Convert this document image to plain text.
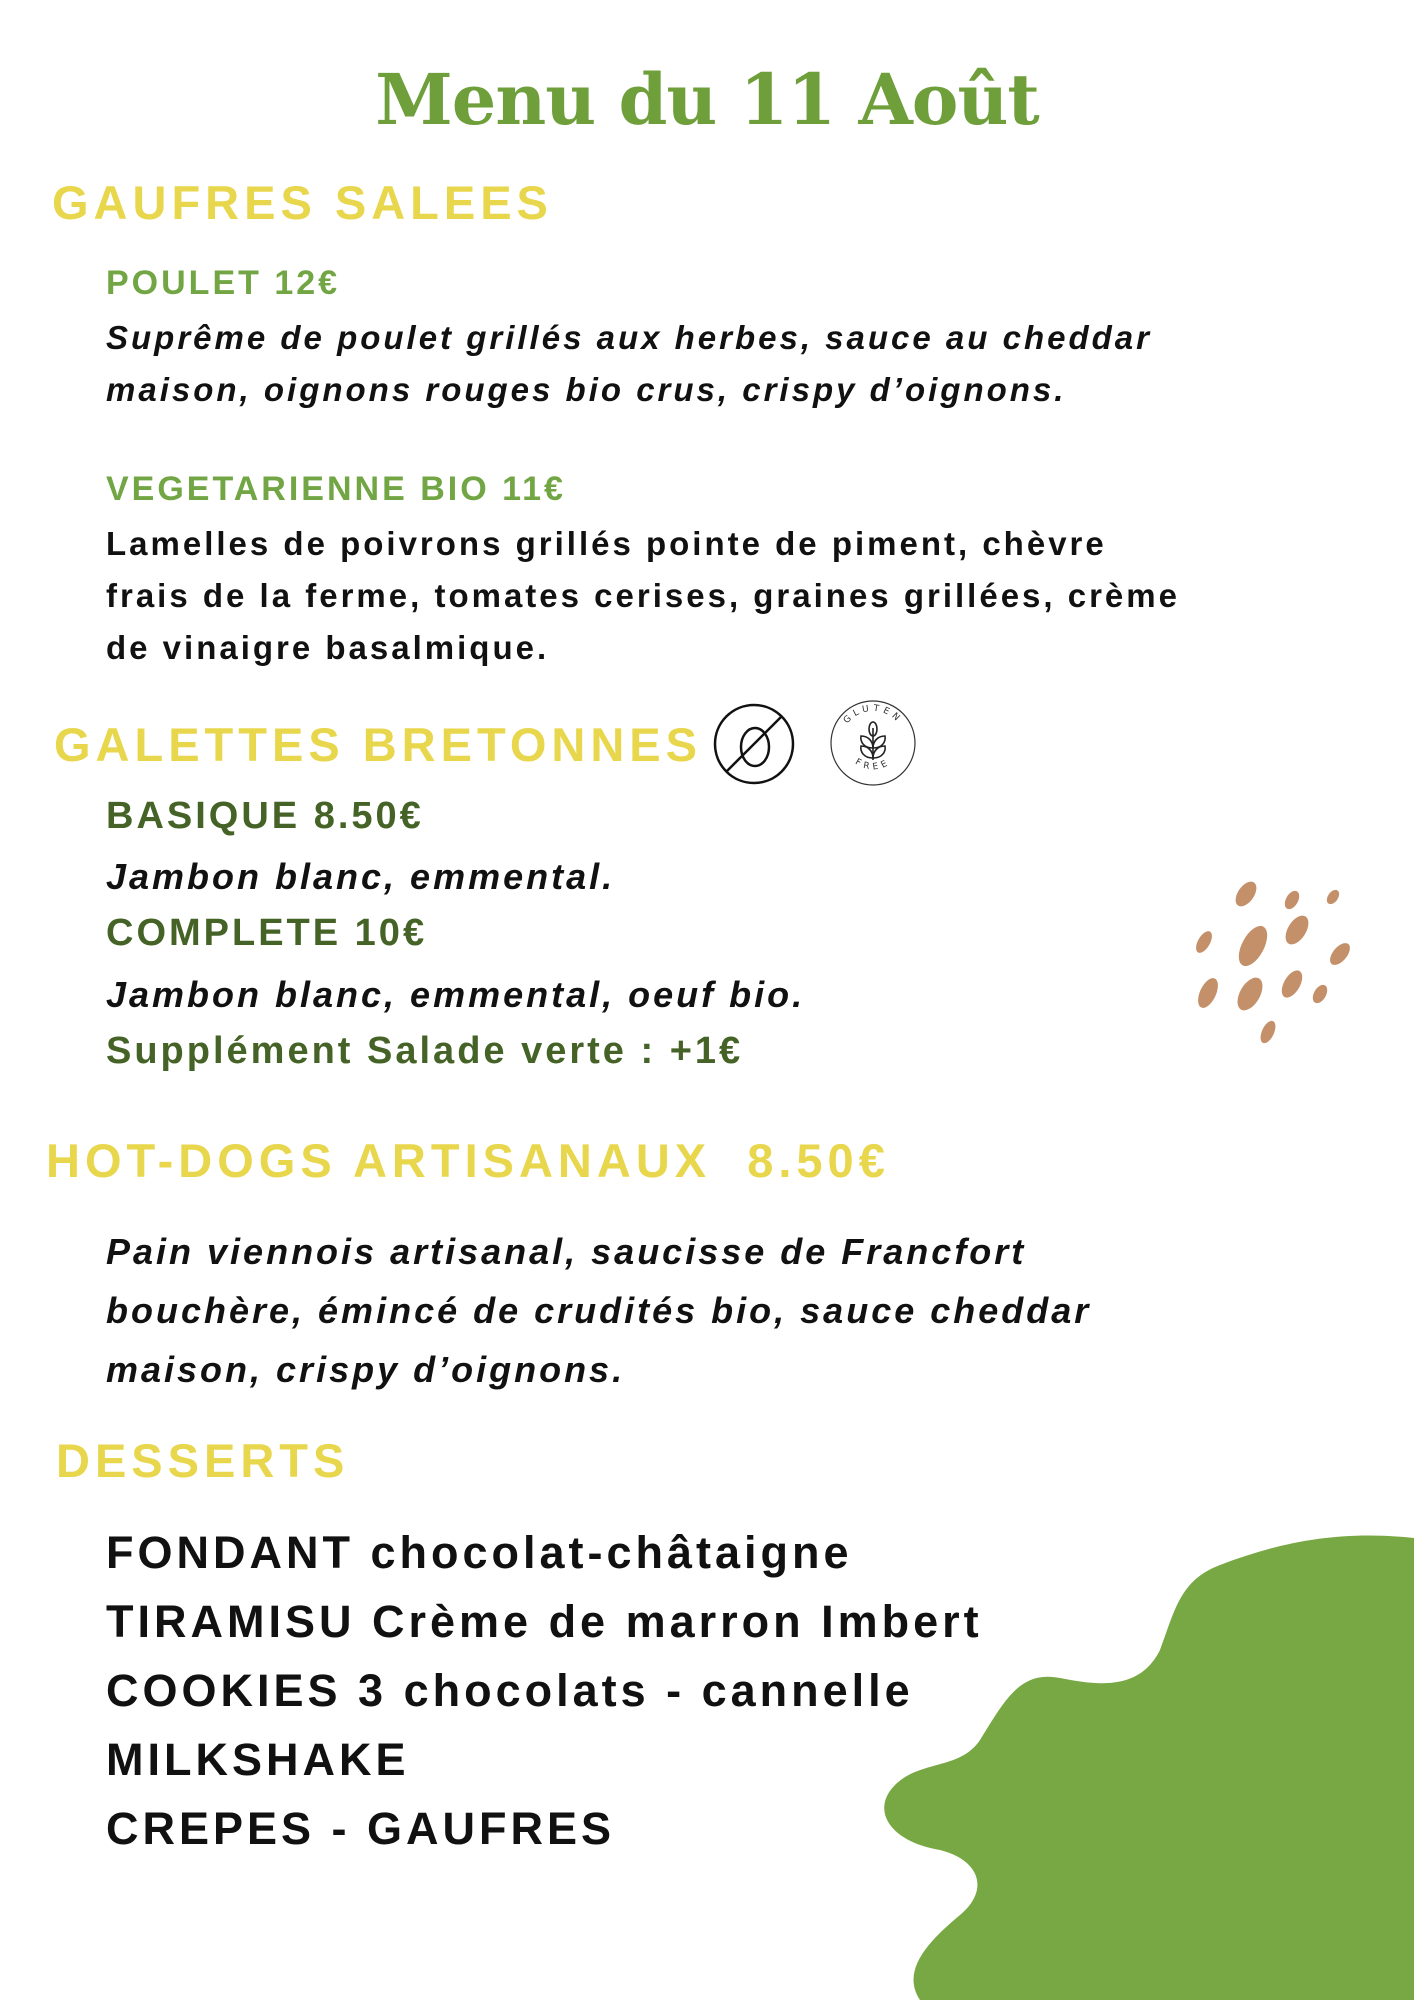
Menu du 11 Août
GAUFRES SALEES
POULET 12€
Suprême de poulet grillés aux herbes, sauce au cheddar
maison, oignons rouges bio crus, crispy d’oignons.
VEGETARIENNE BIO 11€
Lamelles de poivrons grillés pointe de piment, chèvre
frais de la ferme, tomates cerises, graines grillées, crème
de vinaigre basalmique.
GALETTES BRETONNES	GLUTEN
FREE
BASIQUE 8.50€
Jambon blanc, emmental.
COMPLETE 10€
Jambon blanc, emmental, oeuf bio.
Supplément Salade verte : +1€
HOT-DOGS ARTISANAUX  8.50€
Pain viennois artisanal, saucisse de Francfort
bouchère, émincé de crudités bio, sauce cheddar
maison, crispy d’oignons.
DESSERTS
FONDANT chocolat-châtaigne
TIRAMISU Crème de marron Imbert
COOKIES 3 chocolats - cannelle
MILKSHAKE
CREPES - GAUFRES
